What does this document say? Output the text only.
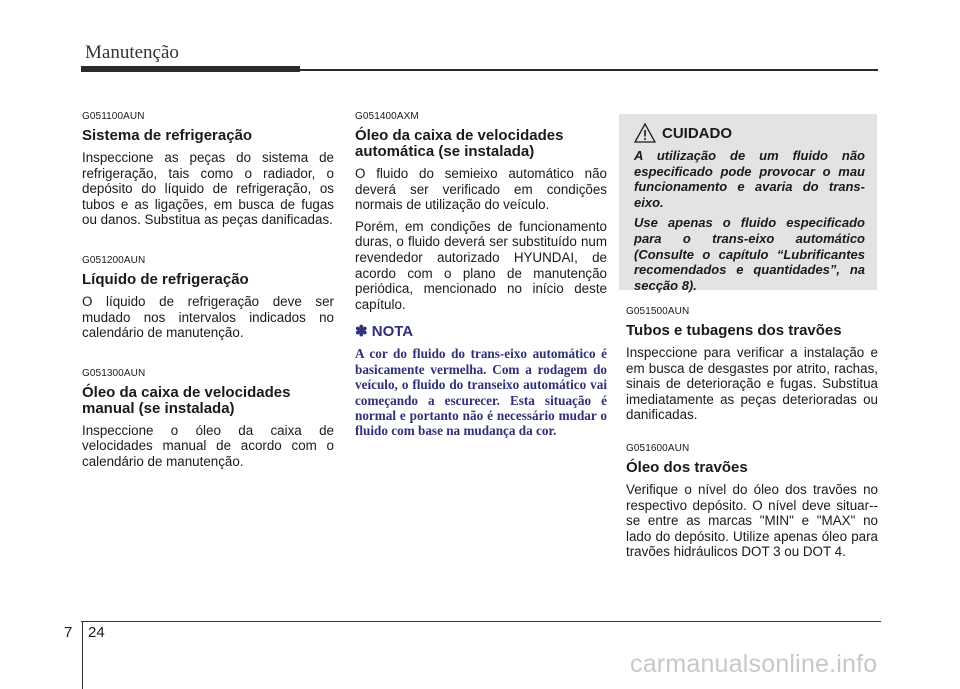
Manutenção
G051100AUN
Sistema de refrigeração

Inspeccione as peças do sistema de refrigeração, tais como o radiador, o depósito do líquido de refrigeração, os tubos e as ligações, em busca de fugas ou danos. Substitua as peças danificadas.

G051200AUN
Líquido de refrigeração

O líquido de refrigeração deve ser mudado nos intervalos indicados no calendário de manutenção.

G051300AUN
Óleo da caixa de velocidades manual (se instalada)

Inspeccione o óleo da caixa de velocidades manual de acordo com o calendário de manutenção.

G051400AXM
Óleo da caixa de velocidades automática (se instalada)

O fluido do semieixo automático não deverá ser verificado em condições normais de utilização do veículo.

Porém, em condições de funcionamento duras, o fluido deverá ser substituído num revendedor autorizado HYUNDAI, de acordo com o plano de manutenção periódica, mencionado no início deste capítulo.

✽ NOTA

A cor do fluido do trans-eixo automático é basicamente vermelha. Com a rodagem do veículo, o fluido do transeixo automático vai começando a escurecer. Esta situação é normal e portanto não é necessário mudar o fluido com base na mudança da cor.

CUIDADO

A utilização de um fluido não especificado pode provocar o mau funcionamento e avaria do trans-eixo.

Use apenas o fluido especificado para o trans-eixo automático (Consulte o capítulo “Lubrificantes recomendados e quantidades”, na secção 8).

G051500AUN
Tubos e tubagens dos travões

Inspeccione para verificar a instalação e em busca de desgastes por atrito, rachas, sinais de deterioração e fugas. Substitua imediatamente as peças deterioradas ou danificadas.

G051600AUN
Óleo dos travões

Verifique o nível do óleo dos travões no respectivo depósito. O nível deve situar--se entre as marcas "MIN" e "MAX" no lado do depósito. Utilize apenas óleo para travões hidráulicos DOT 3 ou DOT 4.

7 24
carmanualsonline.info
